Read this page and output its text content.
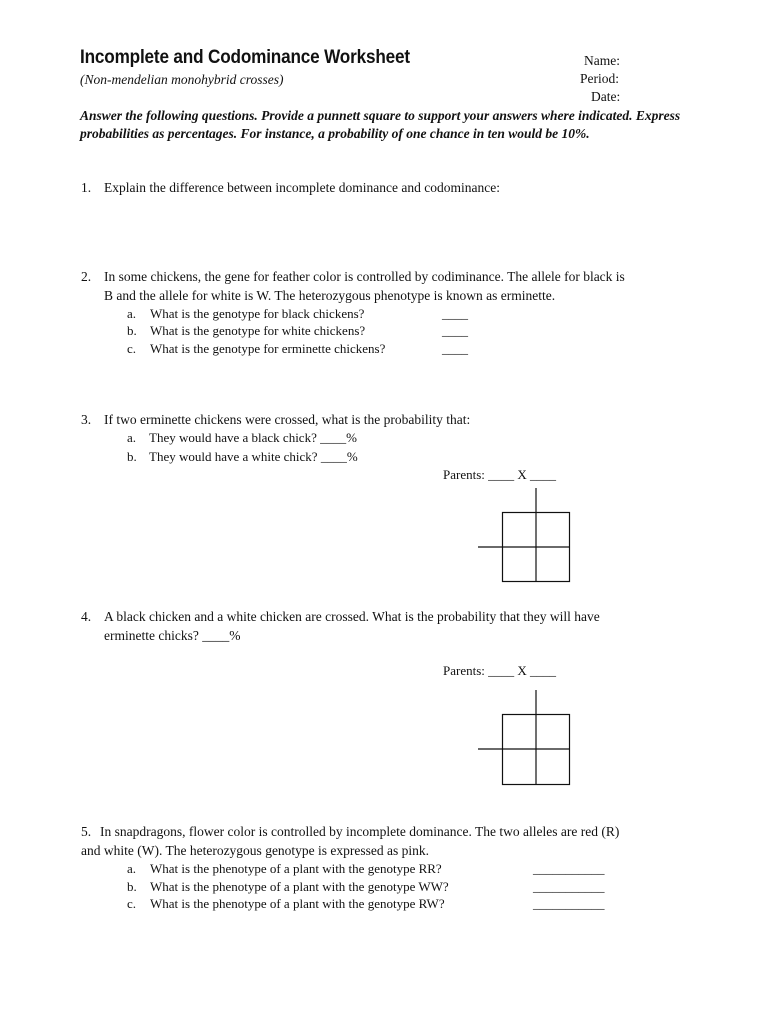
Incomplete and Codominance Worksheet
(Non-mendelian monohybrid crosses)
Name:
Period:
Date:
Answer the following questions. Provide a punnett square to support your answers where indicated. Express probabilities as percentages. For instance, a probability of one chance in ten would be 10%.
1. Explain the difference between incomplete dominance and codominance:
2. In some chickens, the gene for feather color is controlled by codiminance. The allele for black is
B and the allele for white is W. The heterozygous phenotype is known as erminette.
a. What is the genotype for black chickens?	____
b. What is the genotype for white chickens?	____
c. What is the genotype for erminette chickens?	____
3. If two erminette chickens were crossed, what is the probability that:
a. They would have a black chick? ____%
b. They would have a white chick? ____%
Parents: ____ X ____
4. A black chicken and a white chicken are crossed. What is the probability that they will have
erminette chicks? ____%
Parents: ____ X ____
5. In snapdragons, flower color is controlled by incomplete dominance. The two alleles are red (R)
and white (W). The heterozygous genotype is expressed as pink.
a. What is the phenotype of a plant with the genotype RR?	___________
b. What is the phenotype of a plant with the genotype WW?	___________
c. What is the phenotype of a plant with the genotype RW?	___________
